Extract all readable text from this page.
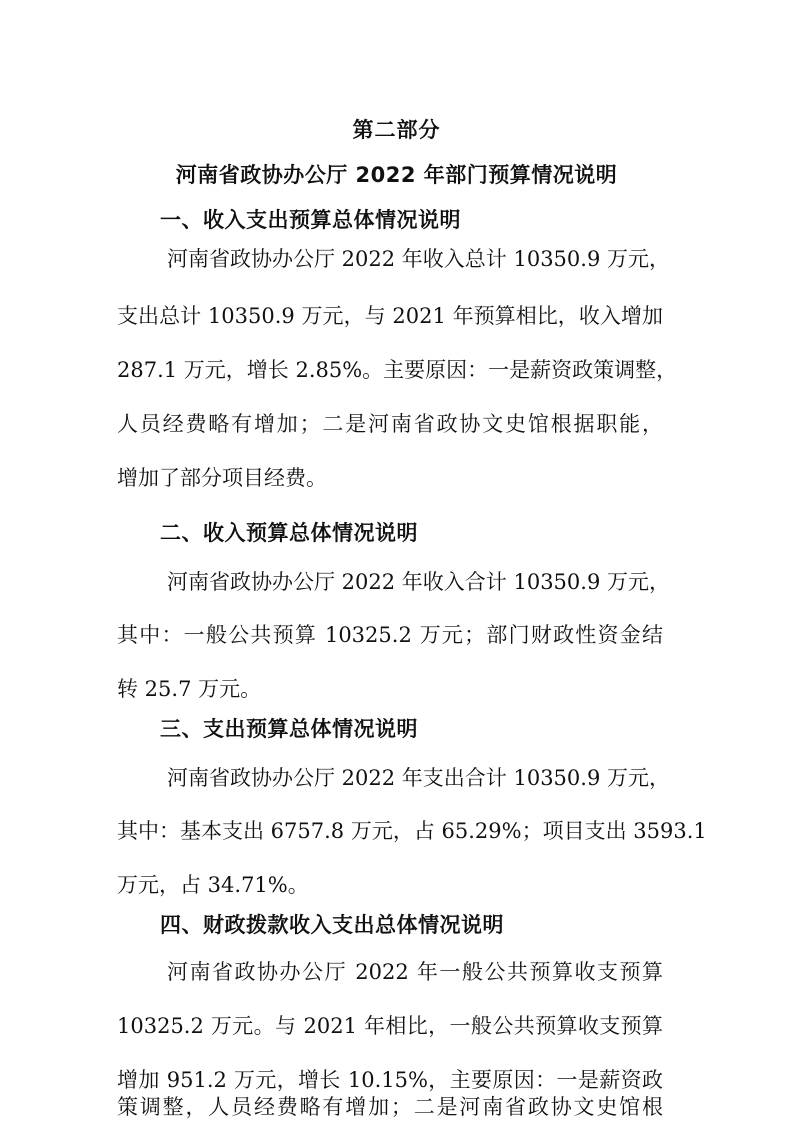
第二部分
河南省政协办公厅 2022 年部门预算情况说明
一、收入支出预算总体情况说明
河南省政协办公厅 2022 年收入总计 10350.9 万元，
支出总计 10350.9 万元，与 2021 年预算相比，收入增加
287.1 万元，增长 2.85%。主要原因：一是薪资政策调整，
人员经费略有增加；二是河南省政协文史馆根据职能，
增加了部分项目经费。
二、收入预算总体情况说明
河南省政协办公厅 2022 年收入合计 10350.9 万元，
其中：一般公共预算 10325.2 万元；部门财政性资金结
转 25.7 万元。
三、支出预算总体情况说明
河南省政协办公厅 2022 年支出合计 10350.9 万元，
其中：基本支出 6757.8 万元，占 65.29%；项目支出 3593.1
万元，占 34.71%。
四、财政拨款收入支出总体情况说明
河南省政协办公厅 2022 年一般公共预算收支预算
10325.2 万元。与 2021 年相比，一般公共预算收支预算
增加 951.2 万元，增长 10.15%，主要原因：一是薪资政
策调整，人员经费略有增加；二是河南省政协文史馆根
